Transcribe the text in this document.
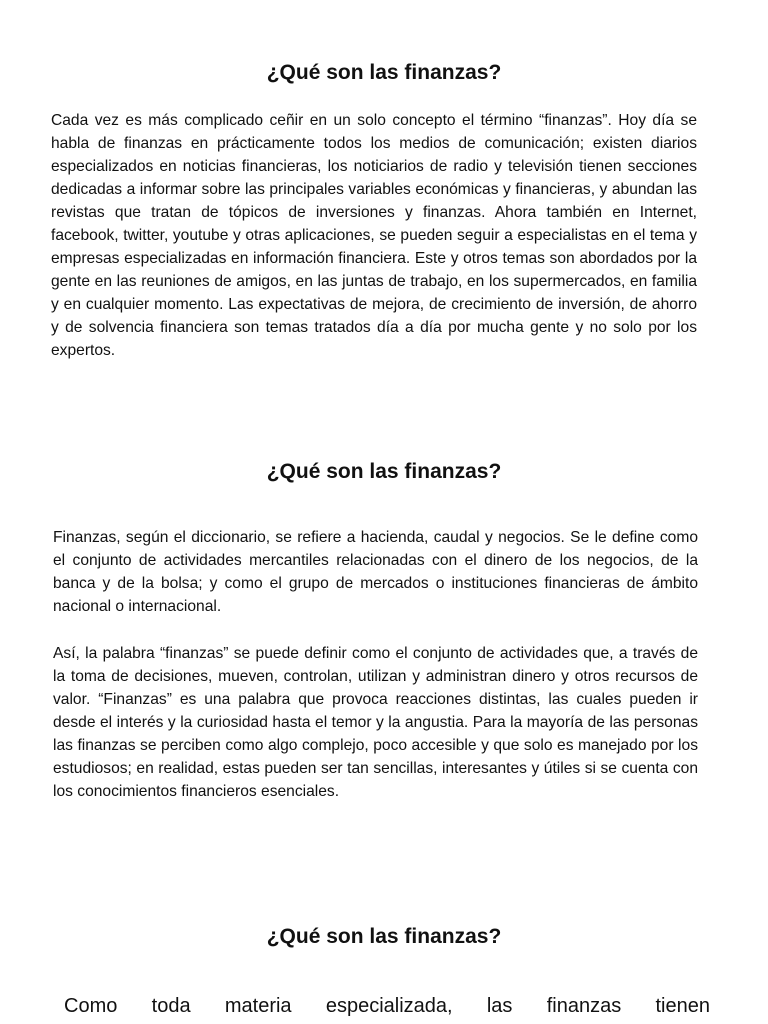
¿Qué son las finanzas?

Cada vez es más complicado ceñir en un solo concepto el término “finanzas”. Hoy día se habla de finanzas en prácticamente todos los medios de comunicación; existen diarios especializados en noticias financieras, los noticiarios de radio y televisión tienen secciones dedicadas a informar sobre las principales variables económicas y financieras, y abundan las revistas que tratan de tópicos de inversiones y finanzas. Ahora también en Internet, facebook, twitter, youtube y otras aplicaciones, se pueden seguir a especialistas en el tema y empresas especializadas en información financiera. Este y otros temas son abordados por la gente en las reuniones de amigos, en las juntas de trabajo, en los supermercados, en familia y en cualquier momento. Las expectativas de mejora, de crecimiento de inversión, de ahorro y de solvencia financiera son temas tratados día a día por mucha gente y no solo por los expertos.

¿Qué son las finanzas?

Finanzas, según el diccionario, se refiere a hacienda, caudal y negocios. Se le define como el conjunto de actividades mercantiles relacionadas con el dinero de los negocios, de la banca y de la bolsa; y como el grupo de mercados o instituciones financieras de ámbito nacional o internacional.

Así, la palabra “finanzas” se puede definir como el conjunto de actividades que, a través de la toma de decisiones, mueven, controlan, utilizan y administran dinero y otros recursos de valor. “Finanzas” es una palabra que provoca reacciones distintas, las cuales pueden ir desde el interés y la curiosidad hasta el temor y la angustia. Para la mayoría de las personas las finanzas se perciben como algo complejo, poco accesible y que solo es manejado por los estudiosos; en realidad, estas pueden ser tan sencillas, interesantes y útiles si se cuenta con los conocimientos financieros esenciales.

¿Qué son las finanzas?

Como toda materia especializada, las finanzas tienen
